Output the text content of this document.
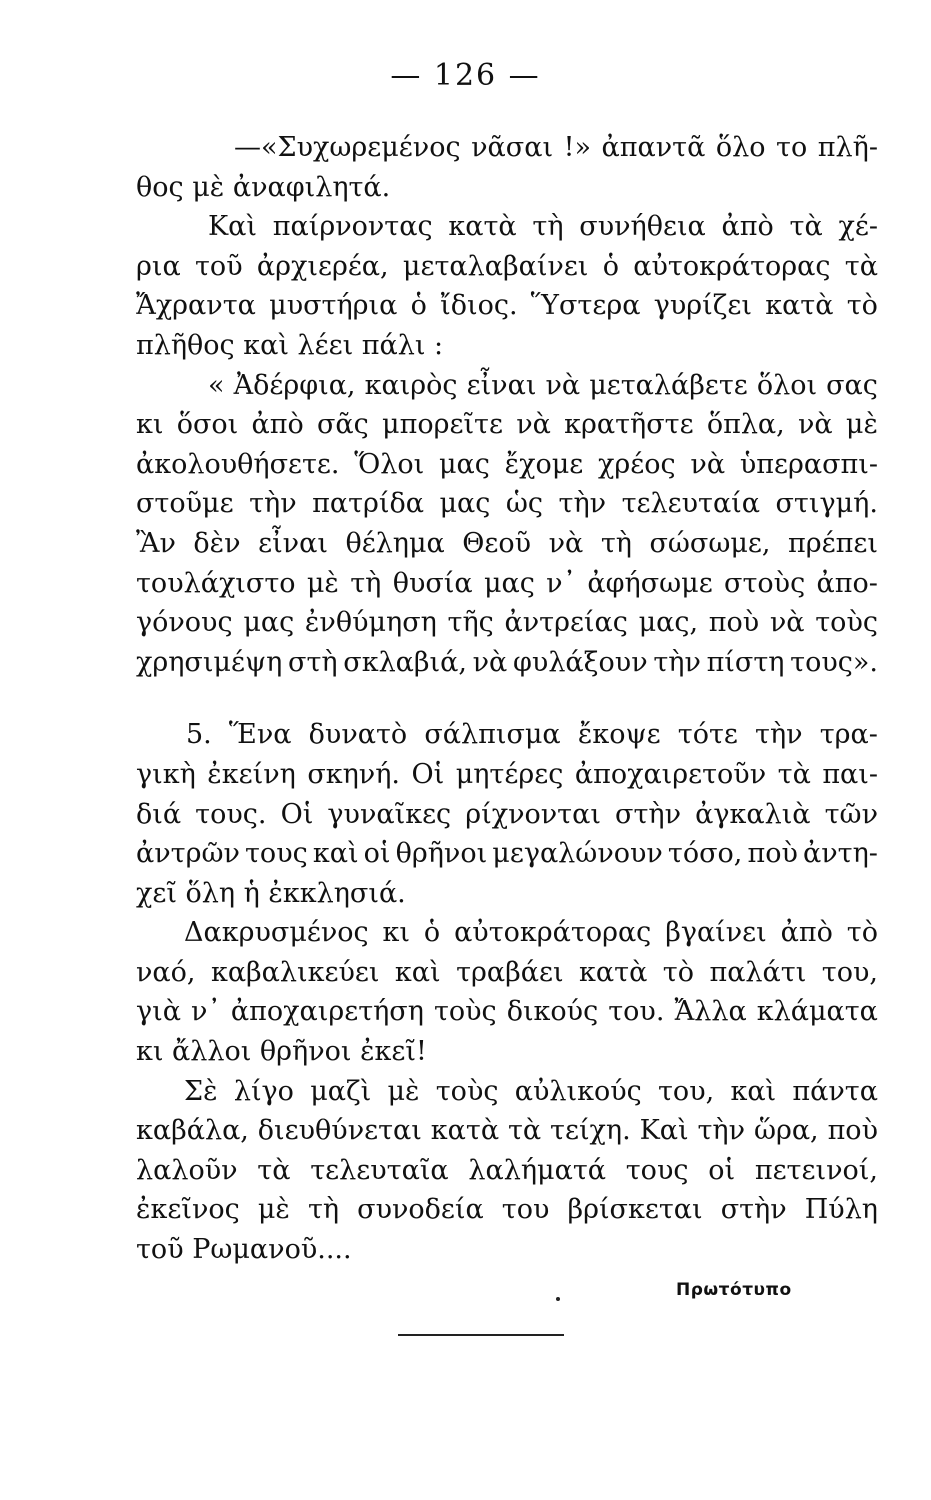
— 126 —
—«Συχωρεμένος νᾶσαι !» ἀπαντᾶ ὅλο το πλῆ-
θος μὲ ἀναφιλητά.
Καὶ παίρνοντας κατὰ τὴ συνήθεια ἀπὸ τὰ χέ-
ρια τοῦ ἀρχιερέα, μεταλαβαίνει ὁ αὐτοκράτορας τὰ
Ἄχραντα μυστήρια ὁ ἴδιος. Ὕστερα γυρίζει κατὰ τὸ
πλῆθος καὶ λέει πάλι :
« Ἀδέρφια, καιρὸς εἶναι νὰ μεταλάβετε ὅλοι σας
κι ὅσοι ἀπὸ σᾶς μπορεῖτε νὰ κρατῆστε ὅπλα, νὰ μὲ
ἀκολουθήσετε. Ὅλοι μας ἔχομε χρέος νὰ ὑπερασπι-
στοῦμε τὴν πατρίδα μας ὡς τὴν τελευταία στιγμή.
Ἂν δὲν εἶναι θέλημα Θεοῦ νὰ τὴ σώσωμε, πρέπει
τουλάχιστο μὲ τὴ θυσία μας ν᾽ ἀφήσωμε στοὺς ἀπο-
γόνους μας ἐνθύμηση τῆς ἀντρείας μας, ποὺ νὰ τοὺς
χρησιμέψη στὴ σκλαβιά, νὰ φυλάξουν τὴν πίστη τους».
5. Ἕνα δυνατὸ σάλπισμα ἔκοψε τότε τὴν τρα-
γικὴ ἐκείνη σκηνή. Οἱ μητέρες ἀποχαιρετοῦν τὰ παι-
διά τους. Οἱ γυναῖκες ρίχνονται στὴν ἀγκαλιὰ τῶν
ἀντρῶν τους καὶ οἱ θρῆνοι μεγαλώνουν τόσο, ποὺ ἀντη-
χεῖ ὅλη ἡ ἐκκλησιά.
Δακρυσμένος κι ὁ αὐτοκράτορας βγαίνει ἀπὸ τὸ
ναό, καβαλικεύει καὶ τραβάει κατὰ τὸ παλάτι του,
γιὰ ν᾽ ἀποχαιρετήση τοὺς δικούς του. Ἄλλα κλάματα
κι ἄλλοι θρῆνοι ἐκεῖ!
Σὲ λίγο μαζὶ μὲ τοὺς αὐλικούς του, καὶ πάντα
καβάλα, διευθύνεται κατὰ τὰ τείχη. Καὶ τὴν ὥρα, ποὺ
λαλοῦν τὰ τελευταῖα λαλήματά τους οἱ πετεινοί,
ἐκεῖνος μὲ τὴ συνοδεία του βρίσκεται στὴν Πύλη
τοῦ Ρωμανοῦ....
Πρωτότυπο
